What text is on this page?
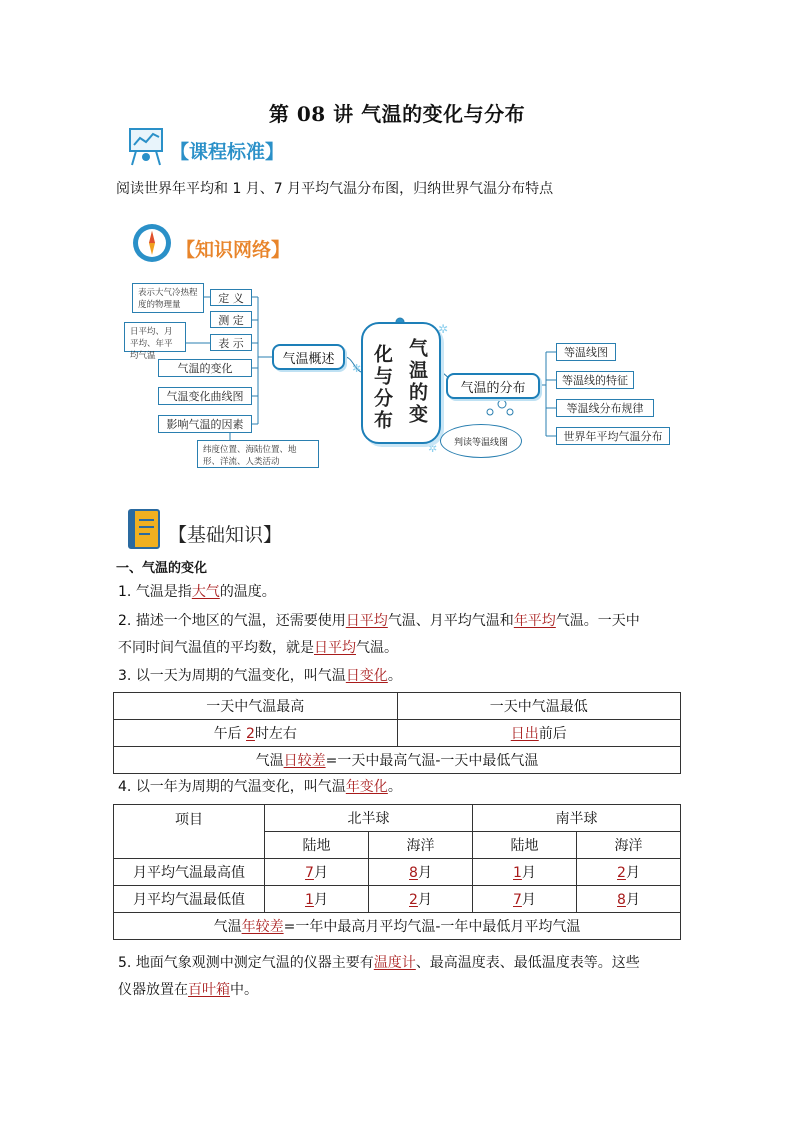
第 08 讲 气温的变化与分布
【课程标准】
阅读世界年平均和 1 月、7 月平均气温分布图，归纳世界气温分布特点
【知识网络】
✲
✲
✲
表示大气冷热程度的物理量
日平均、月平均、年平均气温
纬度位置、海陆位置、地形、洋流、人类活动
定 义
测 定
表 示
气温的变化
气温变化曲线图
影响气温的因素
气温概述	气温的变
化与分布	气温的分布
等温线图
等温线的特征
等温线分布规律
世界年平均气温分布
判读等温线图
【基础知识】
一、气温的变化
1. 气温是指大气的温度。
2. 描述一个地区的气温，还需要使用日平均气温、月平均气温和年平均气温。一天中
不同时间气温值的平均数，就是日平均气温。
3. 以一天为周期的气温变化，叫气温日变化。
一天中气温最高	一天中气温最低
午后 2时左右	日出前后
气温日较差=一天中最高气温-一天中最低气温	
4. 以一年为周期的气温变化，叫气温年变化。
项目	北半球		南半球	
	陆地	海洋	陆地	海洋
月平均气温最高值	7月	8月	1月	2月
月平均气温最低值	1月	2月	7月	8月
气温年较差=一年中最高月平均气温-一年中最低月平均气温				
5. 地面气象观测中测定气温的仪器主要有温度计、最高温度表、最低温度表等。这些
仪器放置在百叶箱中。
